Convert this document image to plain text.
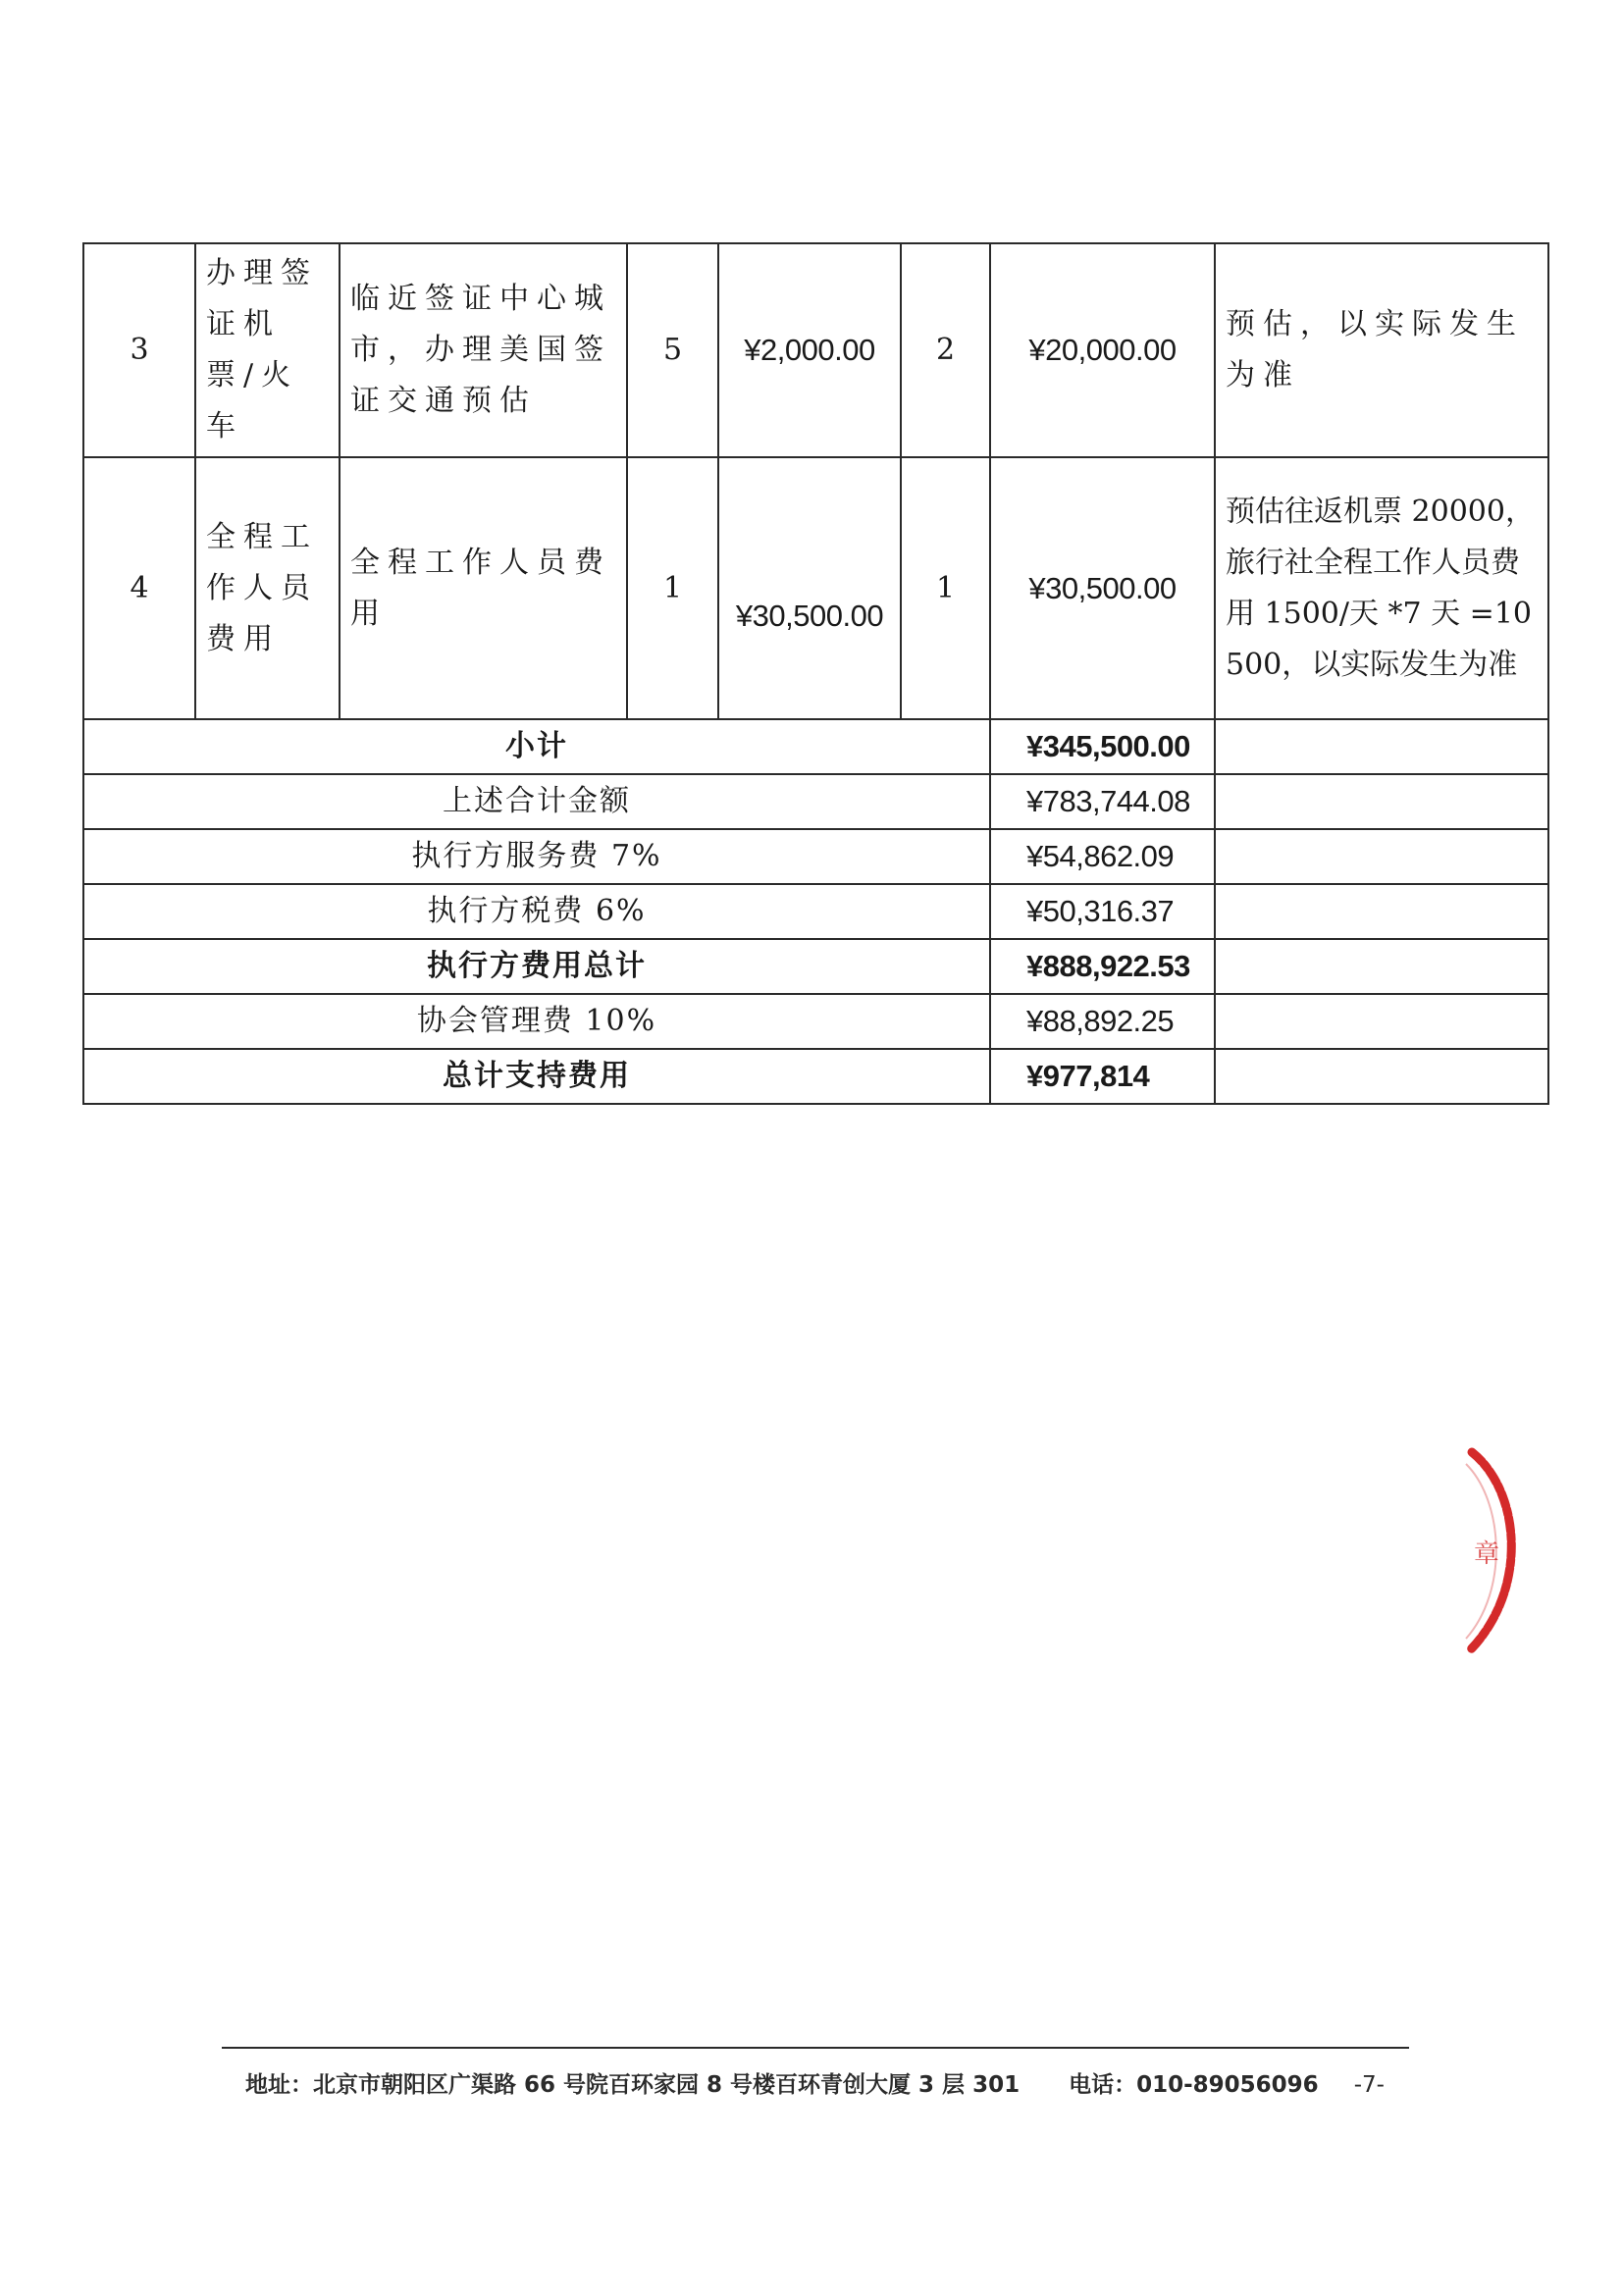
3	办理签证机票/火车	临近签证中心城市，办理美国签证交通预估	5	¥2,000.00	2	¥20,000.00	预估，以实际发生为准
4	全程工作人员费用	全程工作人员费用	1	¥30,500.00	1	¥30,500.00	预估往返机票 20000，旅行社全程工作人员费用 1500/天 *7 天 =10500，以实际发生为准
小计						¥345,500.00	
上述合计金额						¥783,744.08	
执行方服务费 7%						¥54,862.09	
执行方税费 6%						¥50,316.37	
执行方费用总计						¥888,922.53	
协会管理费 10%						¥88,892.25	
总计支持费用						¥977,814	
章
地址：北京市朝阳区广渠路 66 号院百环家园 8 号楼百环青创大厦 3 层 301 电话：010-89056096 -7-
